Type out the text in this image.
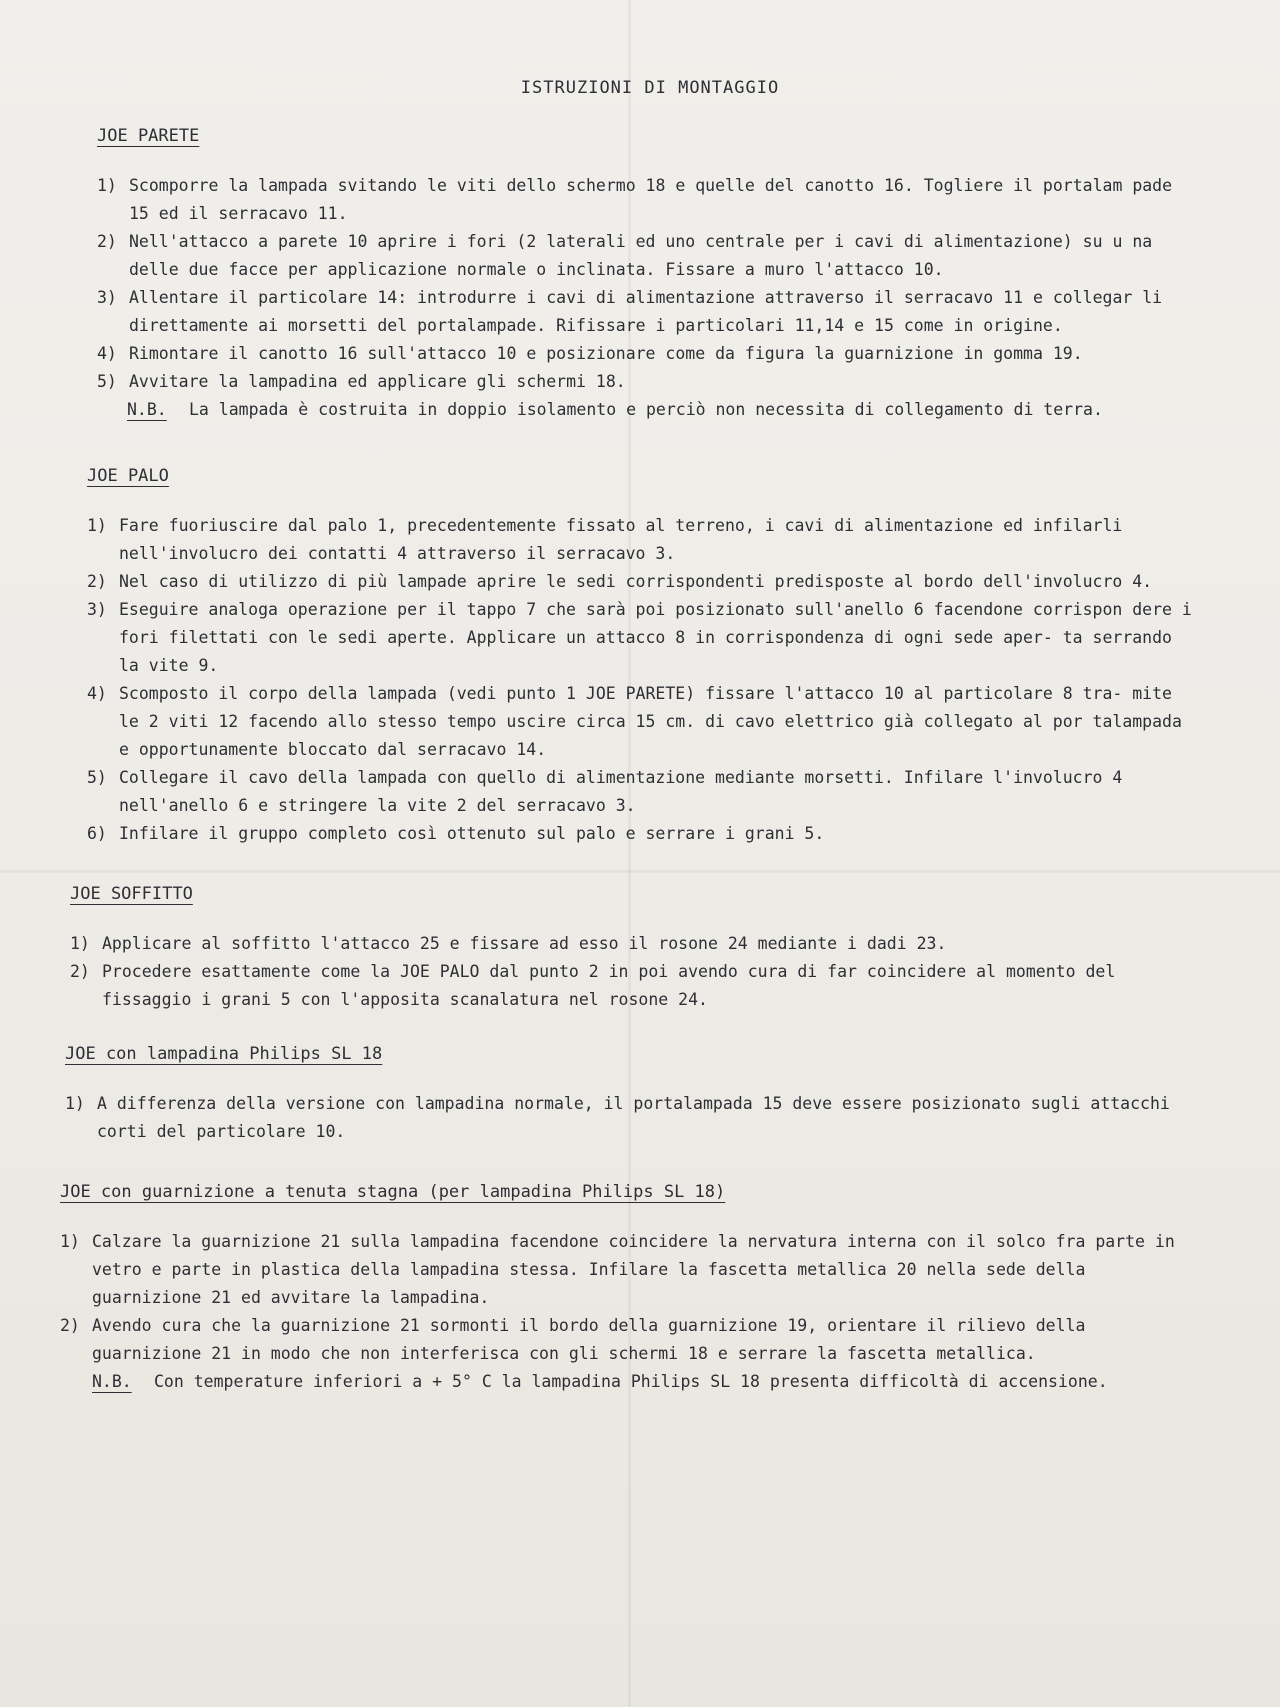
ISTRUZIONI DI MONTAGGIO
JOE PARETE
1) Scomporre la lampada svitando le viti dello schermo 18 e quelle del canotto 16. Togliere il portalam pade 15 ed il serracavo 11.
2) Nell'attacco a parete 10 aprire i fori (2 laterali ed uno centrale per i cavi di alimentazione) su u na delle due facce per applicazione normale o inclinata. Fissare a muro l'attacco 10.
3) Allentare il particolare 14: introdurre i cavi di alimentazione attraverso il serracavo 11 e collegar li direttamente ai morsetti del portalampade. Rifissare i particolari 11,14 e 15 come in origine.
4) Rimontare il canotto 16 sull'attacco 10 e posizionare come da figura la guarnizione in gomma 19.
5) Avvitare la lampadina ed applicare gli schermi 18.
N.B.	La lampada è costruita in doppio isolamento e perciò non necessita di collegamento di terra.
JOE PALO
1) Fare fuoriuscire dal palo 1, precedentemente fissato al terreno, i cavi di alimentazione ed infilarli nell'involucro dei contatti 4 attraverso il serracavo 3.
2) Nel caso di utilizzo di più lampade aprire le sedi corrispondenti predisposte al bordo dell'involucro 4.
3) Eseguire analoga operazione per il tappo 7 che sarà poi posizionato sull'anello 6 facendone corrispon dere i fori filettati con le sedi aperte. Applicare un attacco 8 in corrispondenza di ogni sede aper- ta serrando la vite 9.
4) Scomposto il corpo della lampada (vedi punto 1 JOE PARETE) fissare l'attacco 10 al particolare 8 tra- mite le 2 viti 12 facendo allo stesso tempo uscire circa 15 cm. di cavo elettrico già collegato al por talampada e opportunamente bloccato dal serracavo 14.
5) Collegare il cavo della lampada con quello di alimentazione mediante morsetti. Infilare l'involucro 4 nell'anello 6 e stringere la vite 2 del serracavo 3.
6) Infilare il gruppo completo così ottenuto sul palo e serrare i grani 5.
JOE SOFFITTO
1) Applicare al soffitto l'attacco 25 e fissare ad esso il rosone 24 mediante i dadi 23.
2) Procedere esattamente come la JOE PALO dal punto 2 in poi avendo cura di far coincidere al momento del fissaggio i grani 5 con l'apposita scanalatura nel rosone 24.
JOE con lampadina Philips SL 18
1) A differenza della versione con lampadina normale, il portalampada 15 deve essere posizionato sugli attacchi corti del particolare 10.
JOE con guarnizione a tenuta stagna (per lampadina Philips SL 18)
1) Calzare la guarnizione 21 sulla lampadina facendone coincidere la nervatura interna con il solco fra parte in vetro e parte in plastica della lampadina stessa. Infilare la fascetta metallica 20 nella sede della guarnizione 21 ed avvitare la lampadina.
2) Avendo cura che la guarnizione 21 sormonti il bordo della guarnizione 19, orientare il rilievo della guarnizione 21 in modo che non interferisca con gli schermi 18 e serrare la fascetta metallica.
N.B.	Con temperature inferiori a + 5° C la lampadina Philips SL 18 presenta difficoltà di accensione.
